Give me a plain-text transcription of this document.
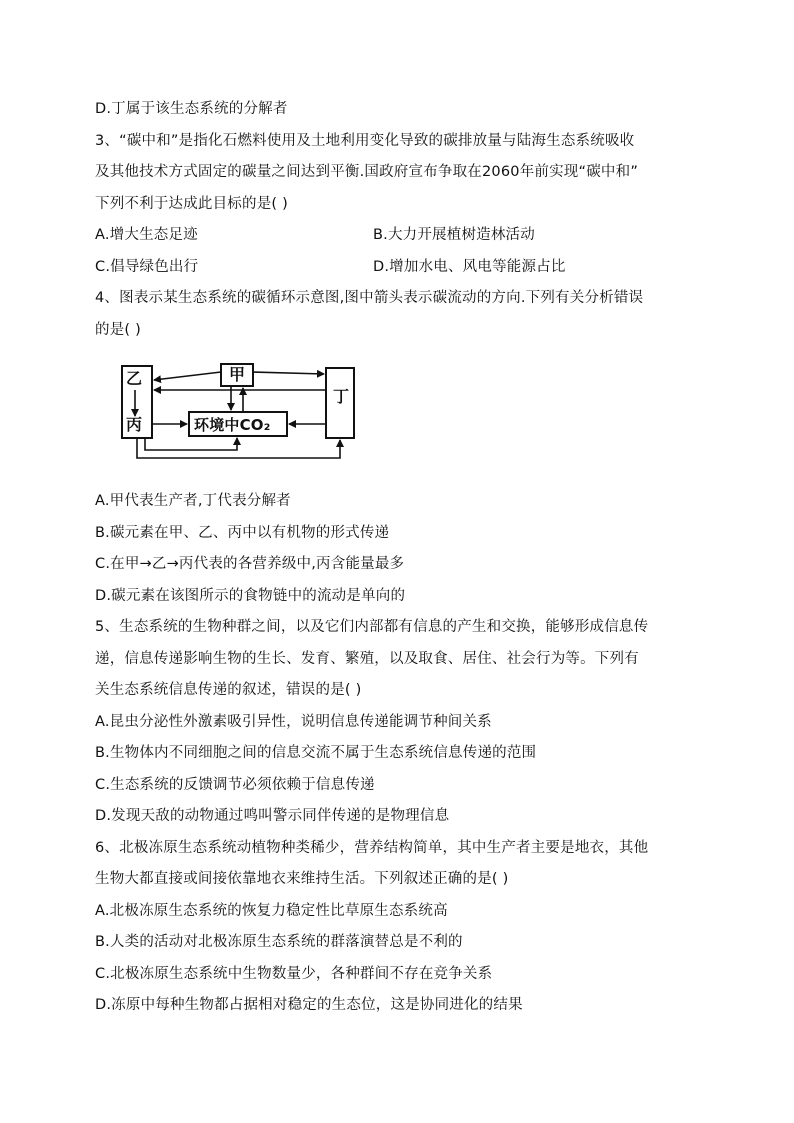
D.丁属于该生态系统的分解者
3、“碳中和”是指化石燃料使用及土地利用变化导致的碳排放量与陆海生态系统吸收
及其他技术方式固定的碳量之间达到平衡.国政府宣布争取在2060年前实现“碳中和”
下列不利于达成此目标的是( )
A.增大生态足迹	B.大力开展植树造林活动
C.倡导绿色出行	D.增加水电、风电等能源占比
4、图表示某生态系统的碳循环示意图,图中箭头表示碳流动的方向.下列有关分析错误
的是( )
甲
乙
丙
丁
环境中CO₂
A.甲代表生产者,丁代表分解者
B.碳元素在甲、乙、丙中以有机物的形式传递
C.在甲→乙→丙代表的各营养级中,丙含能量最多
D.碳元素在该图所示的食物链中的流动是单向的
5、生态系统的生物种群之间，以及它们内部都有信息的产生和交换，能够形成信息传
递，信息传递影响生物的生长、发育、繁殖，以及取食、居住、社会行为等。下列有
关生态系统信息传递的叙述，错误的是( )
A.昆虫分泌性外激素吸引异性，说明信息传递能调节种间关系
B.生物体内不同细胞之间的信息交流不属于生态系统信息传递的范围
C.生态系统的反馈调节必须依赖于信息传递
D.发现天敌的动物通过鸣叫警示同伴传递的是物理信息
6、北极冻原生态系统动植物种类稀少，营养结构简单，其中生产者主要是地衣，其他
生物大都直接或间接依靠地衣来维持生活。下列叙述正确的是( )
A.北极冻原生态系统的恢复力稳定性比草原生态系统高
B.人类的活动对北极冻原生态系统的群落演替总是不利的
C.北极冻原生态系统中生物数量少，各种群间不存在竞争关系
D.冻原中每种生物都占据相对稳定的生态位，这是协同进化的结果
